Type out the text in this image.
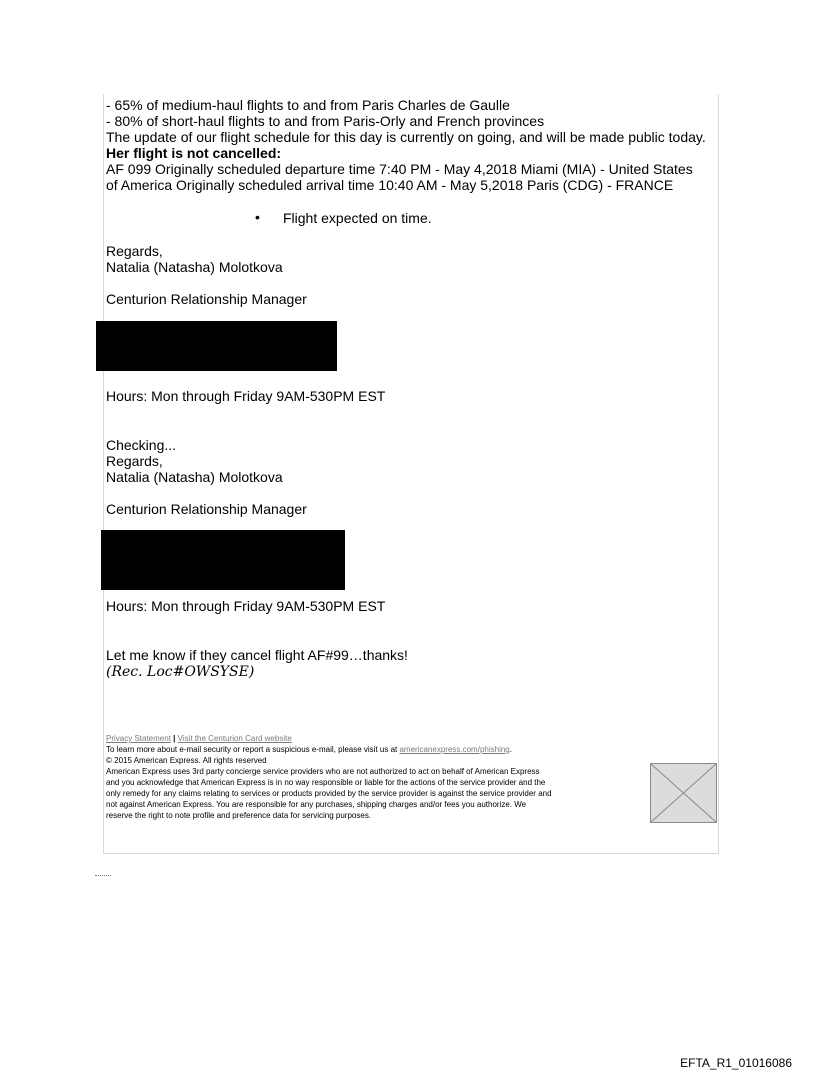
- 65% of medium-haul flights to and from Paris Charles de Gaulle
- 80% of short-haul flights to and from Paris-Orly and French provinces
The update of our flight schedule for this day is currently on going, and will be made public today.
Her flight is not cancelled:
AF 099 Originally scheduled departure time 7:40 PM - May 4,2018 Miami (MIA) - United States
of America Originally scheduled arrival time 10:40 AM - May 5,2018 Paris (CDG) - FRANCE
• Flight expected on time.
Regards,
Natalia (Natasha) Molotkova
Centurion Relationship Manager
Hours: Mon through Friday 9AM-530PM EST
Checking...
Regards,
Natalia (Natasha) Molotkova
Centurion Relationship Manager
Hours: Mon through Friday 9AM-530PM EST
Let me know if they cancel flight AF#99…thanks!
(Rec. Loc#OWSYSE)
Privacy Statement | Visit the Centurion Card website
To learn more about e-mail security or report a suspicious e-mail, please visit us at americanexpress.com/phishing.
© 2015 American Express. All rights reserved
American Express uses 3rd party concierge service providers who are not authorized to act on behalf of American Express
and you acknowledge that American Express is in no way responsible or liable for the actions of the service provider and the
only remedy for any claims relating to services or products provided by the service provider is against the service provider and
not against American Express. You are responsible for any purchases, shipping charges and/or fees you authorize. We
reserve the right to note profile and preference data for servicing purposes.
EFTA_R1_01016086
